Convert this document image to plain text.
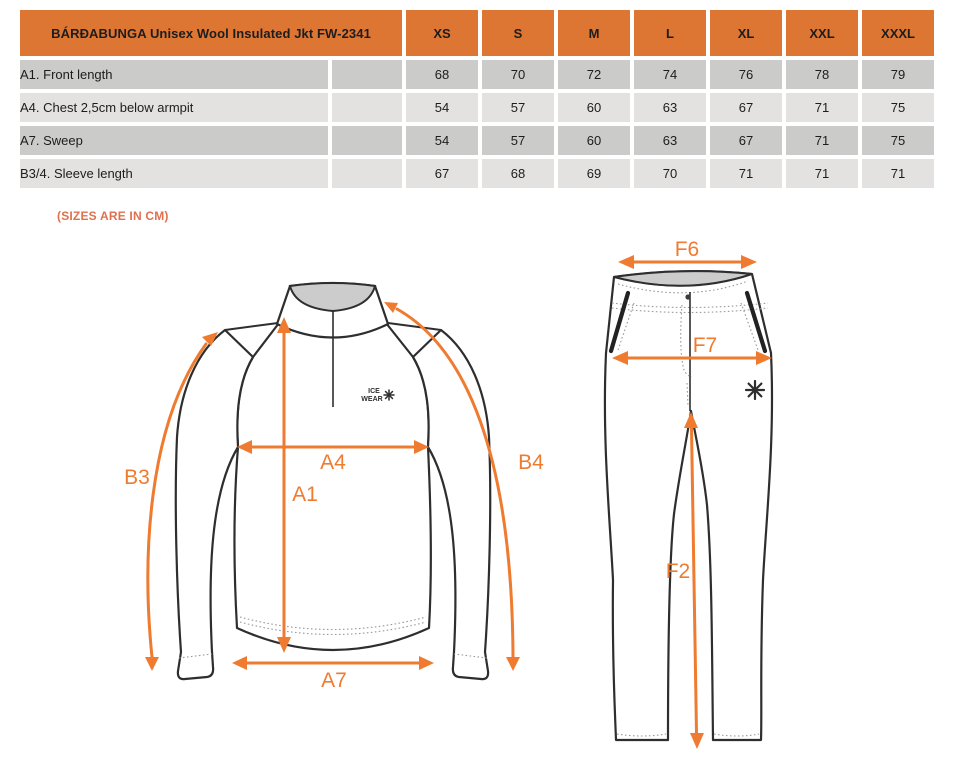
BÁRÐABUNGA Unisex Wool Insulated Jkt FW-2341		XS	S	M	L	XL	XXL	XXXL
A1. Front length		68	70	72	74	76	78	79
A4. Chest 2,5cm below armpit		54	57	60	63	67	71	75
A7. Sweep		54	57	60	63	67	71	75
B3/4. Sleeve length		67	68	69	70	71	71	71
(SIZES ARE IN CM)
ICE
WEAR
B3
A4
A1
B4
A7
F6
F7
F2
